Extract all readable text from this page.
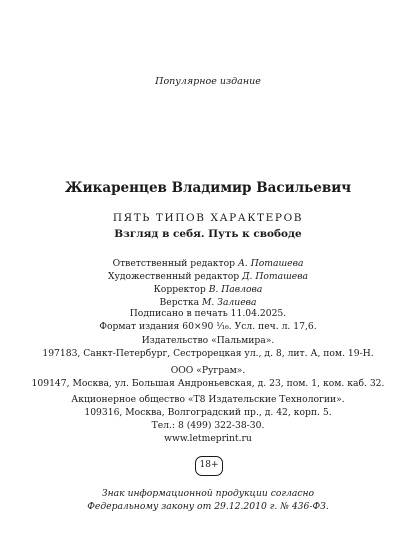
Популярное издание
Жикаренцев Владимир Васильевич
ПЯТЬ ТИПОВ ХАРАКТЕРОВ
Взгляд в себя. Путь к свободе
Ответственный редактор А. Поташева
Художественный редактор Д. Поташева
Корректор В. Павлова
Верстка М. Залиева
Подписано в печать 11.04.2025.
Формат издания 60×90 ¹⁄₁₆. Усл. печ. л. 17,6.
Издательство «Пальмира».
197183, Санкт-Петербург, Сестрорецкая ул., д. 8, лит. А, пом. 19-Н.
ООО «Руграм».
109147, Москва, ул. Большая Андроньевская, д. 23, пом. 1, ком. каб. 32.
Акционерное общество «Т8 Издательские Технологии».
109316, Москва, Волгоградский пр., д. 42, корп. 5.
Тел.: 8 (499) 322-38-30.
www.letmeprint.ru
18+
Знак информационной продукции согласно
Федеральному закону от 29.12.2010 г. № 436-ФЗ.
